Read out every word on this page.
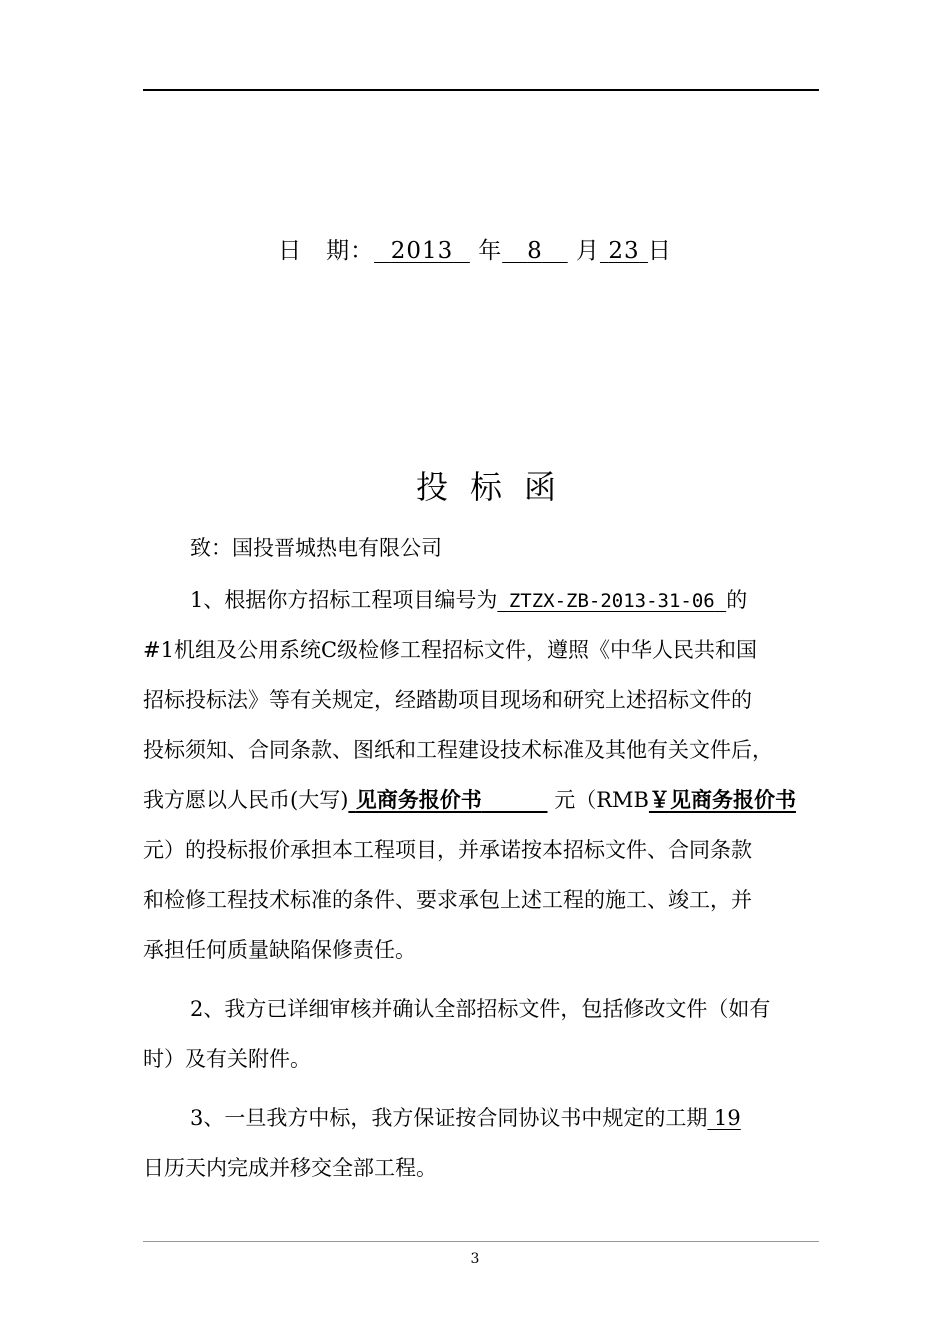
日　期： 2013 年 8 月 23 日
投标函
致：国投晋城热电有限公司
1、根据你方招标工程项目编号为 ZTZX-ZB-2013-31-06 的
#1机组及公用系统C级检修工程招标文件，遵照《中华人民共和国
招标投标法》等有关规定，经踏勘项目现场和研究上述招标文件的
投标须知、合同条款、图纸和工程建设技术标准及其他有关文件后，
我方愿以人民币(大写) 见商务报价书	元（RMB￥见商务报价书
元）的投标报价承担本工程项目，并承诺按本招标文件、合同条款
和检修工程技术标准的条件、要求承包上述工程的施工、竣工，并
承担任何质量缺陷保修责任。
2、我方已详细审核并确认全部招标文件，包括修改文件（如有
时）及有关附件。
3、一旦我方中标，我方保证按合同协议书中规定的工期 19
日历天内完成并移交全部工程。
3
